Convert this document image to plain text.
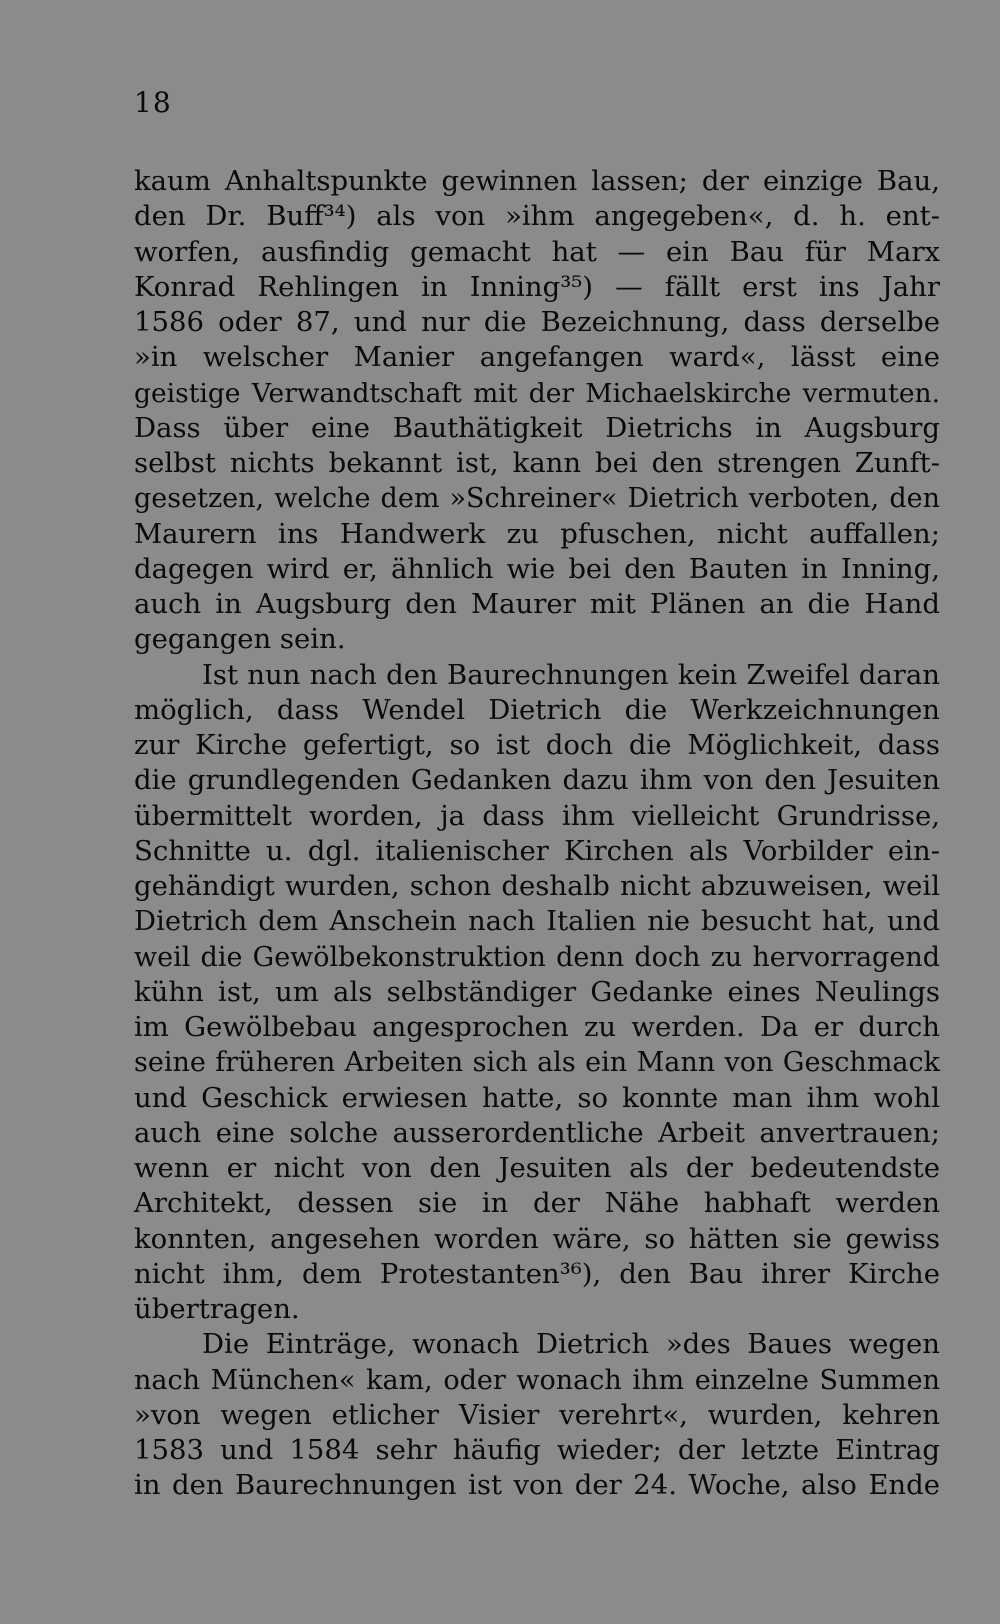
18
kaum Anhaltspunkte gewinnen lassen; der einzige Bau,
den Dr. Buff³⁴) als von »ihm angegeben«, d. h. ent-
worfen, ausfindig gemacht hat — ein Bau für Marx
Konrad Rehlingen in Inning³⁵) — fällt erst ins Jahr
1586 oder 87, und nur die Bezeichnung, dass derselbe
»in welscher Manier angefangen ward«, lässt eine
geistige Verwandtschaft mit der Michaelskirche vermuten.
Dass über eine Bauthätigkeit Dietrichs in Augsburg
selbst nichts bekannt ist, kann bei den strengen Zunft-
gesetzen, welche dem »Schreiner« Dietrich verboten, den
Maurern ins Handwerk zu pfuschen, nicht auffallen;
dagegen wird er, ähnlich wie bei den Bauten in Inning,
auch in Augsburg den Maurer mit Plänen an die Hand
gegangen sein.
Ist nun nach den Baurechnungen kein Zweifel daran
möglich, dass Wendel Dietrich die Werkzeichnungen
zur Kirche gefertigt, so ist doch die Möglichkeit, dass
die grundlegenden Gedanken dazu ihm von den Jesuiten
übermittelt worden, ja dass ihm vielleicht Grundrisse,
Schnitte u. dgl. italienischer Kirchen als Vorbilder ein-
gehändigt wurden, schon deshalb nicht abzuweisen, weil
Dietrich dem Anschein nach Italien nie besucht hat, und
weil die Gewölbekonstruktion denn doch zu hervorragend
kühn ist, um als selbständiger Gedanke eines Neulings
im Gewölbebau angesprochen zu werden. Da er durch
seine früheren Arbeiten sich als ein Mann von Geschmack
und Geschick erwiesen hatte, so konnte man ihm wohl
auch eine solche ausserordentliche Arbeit anvertrauen;
wenn er nicht von den Jesuiten als der bedeutendste
Architekt, dessen sie in der Nähe habhaft werden
konnten, angesehen worden wäre, so hätten sie gewiss
nicht ihm, dem Protestanten³⁶), den Bau ihrer Kirche
übertragen.
Die Einträge, wonach Dietrich »des Baues wegen
nach München« kam, oder wonach ihm einzelne Summen
»von wegen etlicher Visier verehrt«, wurden, kehren
1583 und 1584 sehr häufig wieder; der letzte Eintrag
in den Baurechnungen ist von der 24. Woche, also Ende
